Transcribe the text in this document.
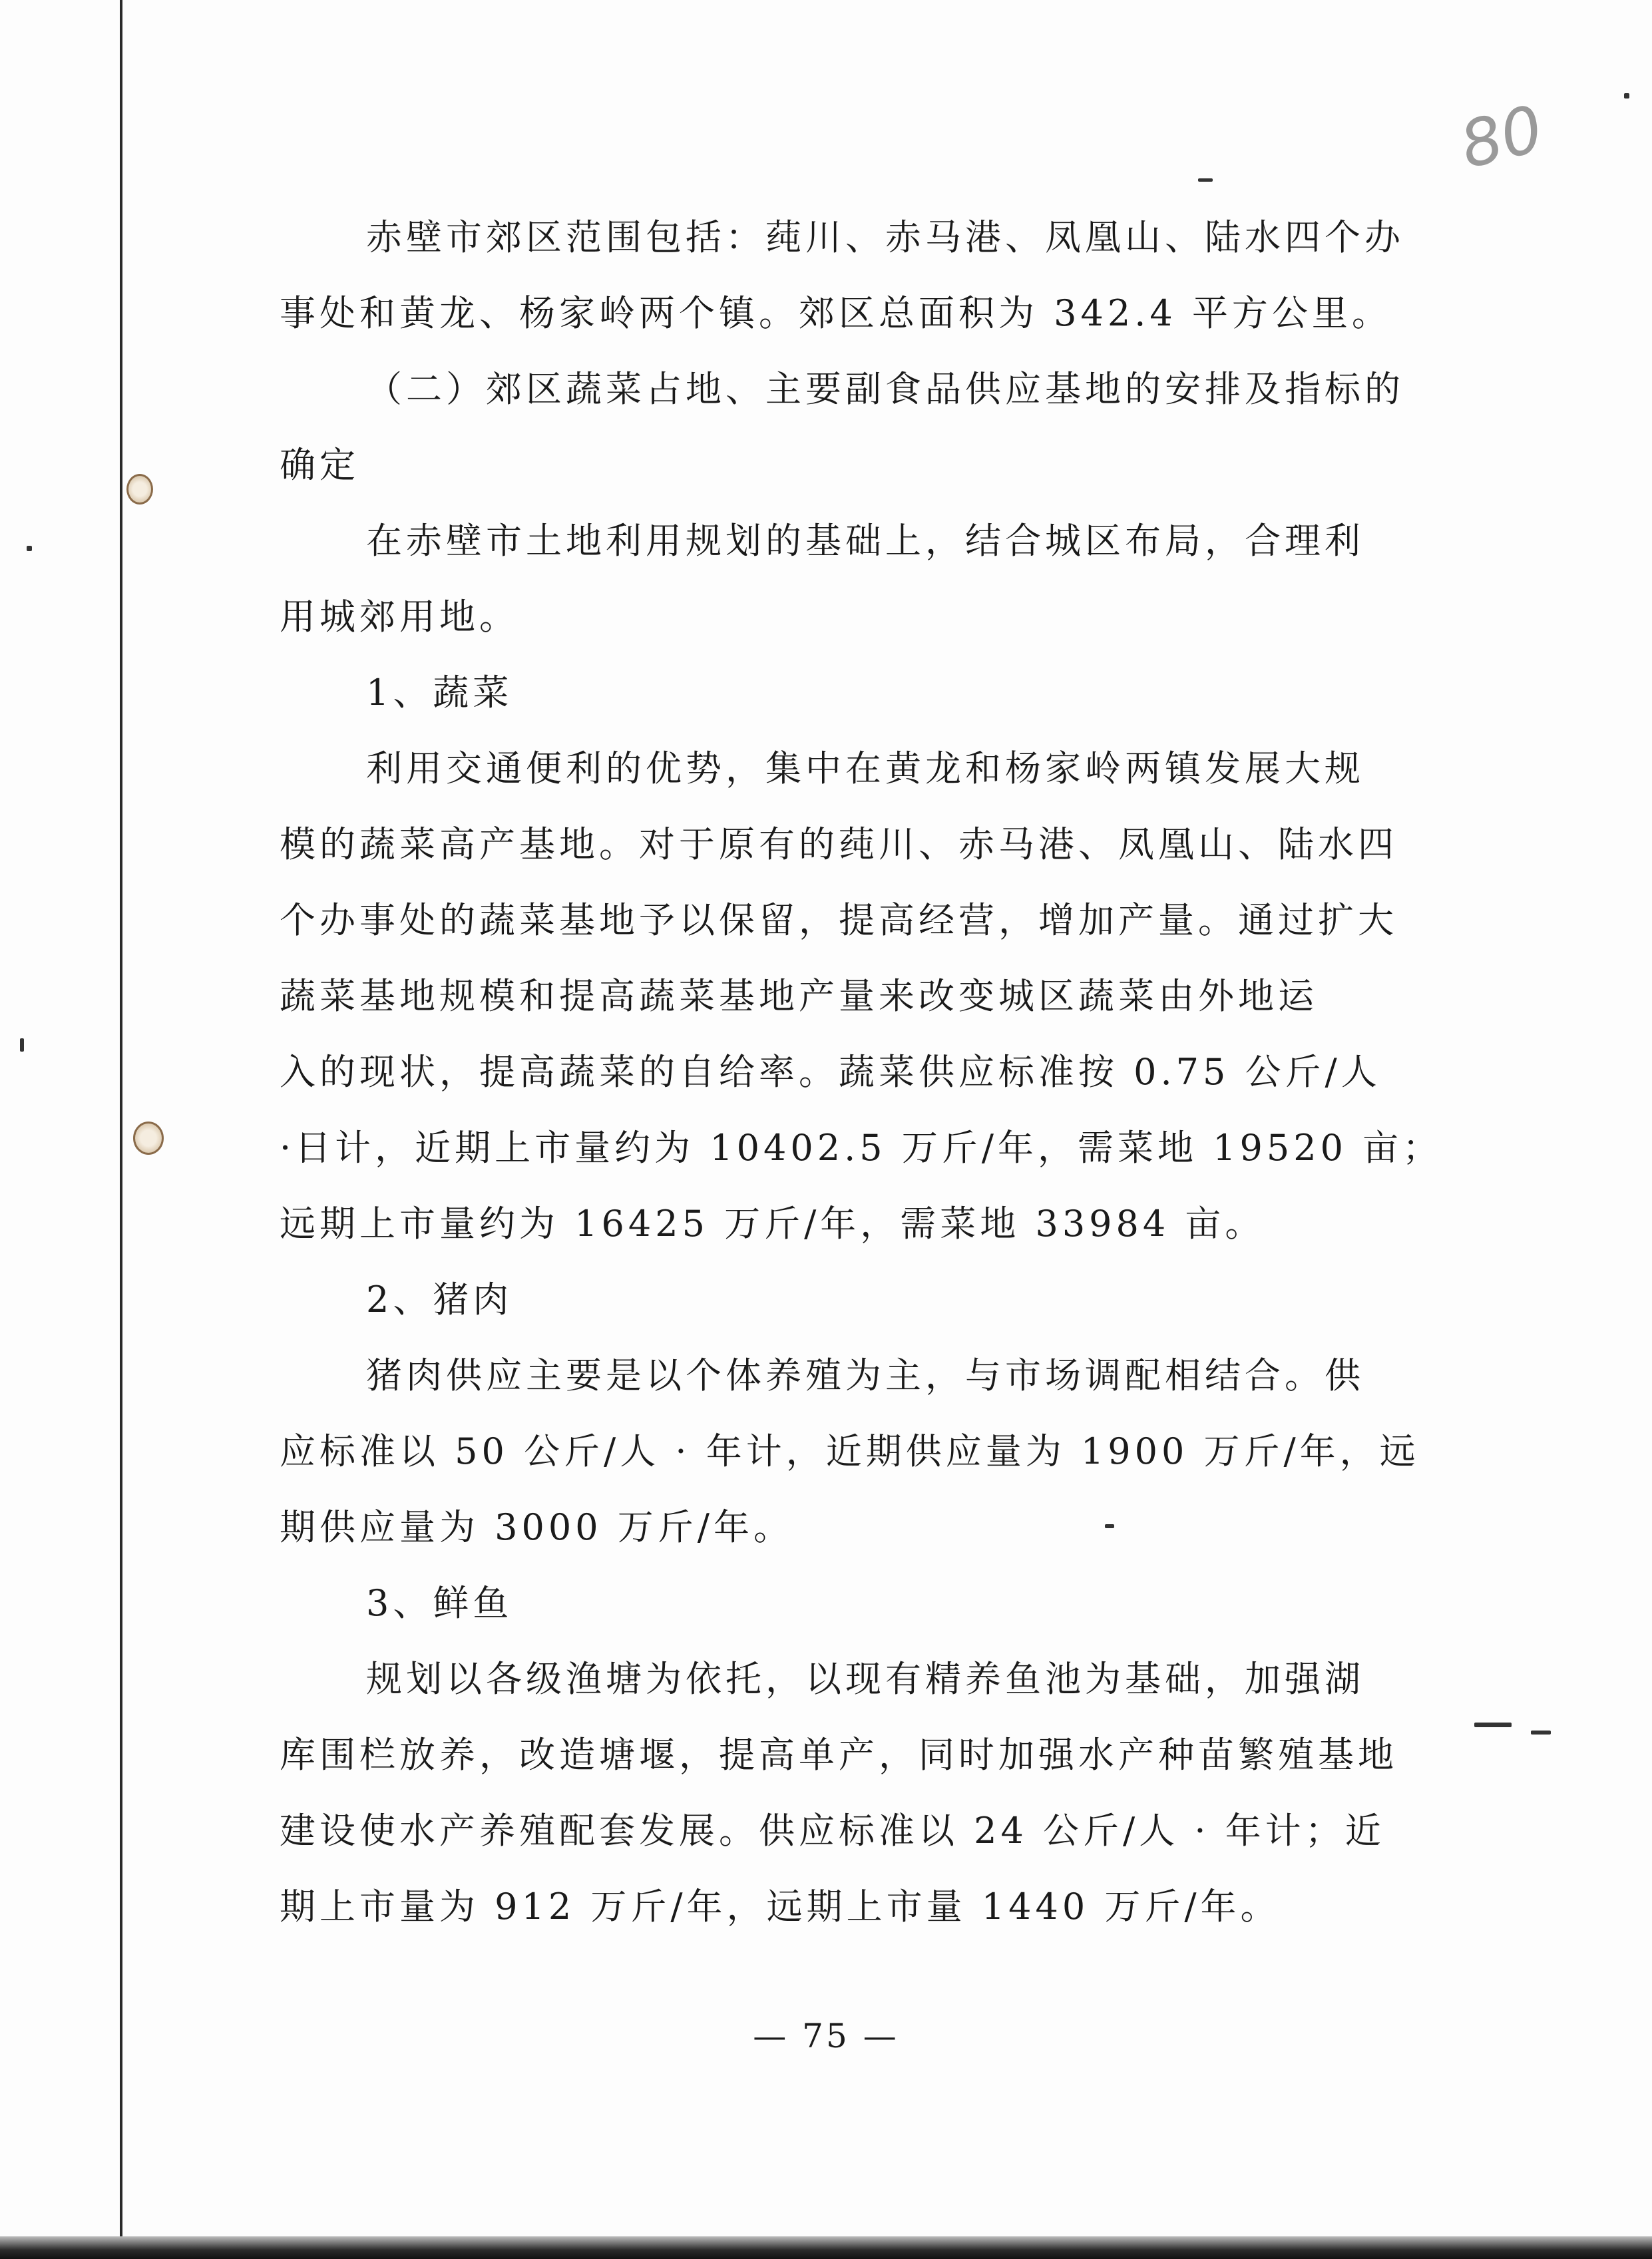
80
赤壁市郊区范围包括：莼川、赤马港、凤凰山、陆水四个办
事处和黄龙、杨家岭两个镇。郊区总面积为 342.4 平方公里。
（二）郊区蔬菜占地、主要副食品供应基地的安排及指标的
确定
在赤壁市土地利用规划的基础上，结合城区布局，合理利
用城郊用地。
1、蔬菜
利用交通便利的优势，集中在黄龙和杨家岭两镇发展大规
模的蔬菜高产基地。对于原有的莼川、赤马港、凤凰山、陆水四
个办事处的蔬菜基地予以保留，提高经营，增加产量。通过扩大
蔬菜基地规模和提高蔬菜基地产量来改变城区蔬菜由外地运
入的现状，提高蔬菜的自给率。蔬菜供应标准按 0.75 公斤/人
·日计，近期上市量约为 10402.5 万斤/年，需菜地 19520 亩；
远期上市量约为 16425 万斤/年，需菜地 33984 亩。
2、猪肉
猪肉供应主要是以个体养殖为主，与市场调配相结合。供
应标准以 50 公斤/人 · 年计，近期供应量为 1900 万斤/年，远
期供应量为 3000 万斤/年。
3、鲜鱼
规划以各级渔塘为依托，以现有精养鱼池为基础，加强湖
库围栏放养，改造塘堰，提高单产，同时加强水产种苗繁殖基地
建设使水产养殖配套发展。供应标准以 24 公斤/人 · 年计；近
期上市量为 912 万斤/年，远期上市量 1440 万斤/年。
— 75 —
